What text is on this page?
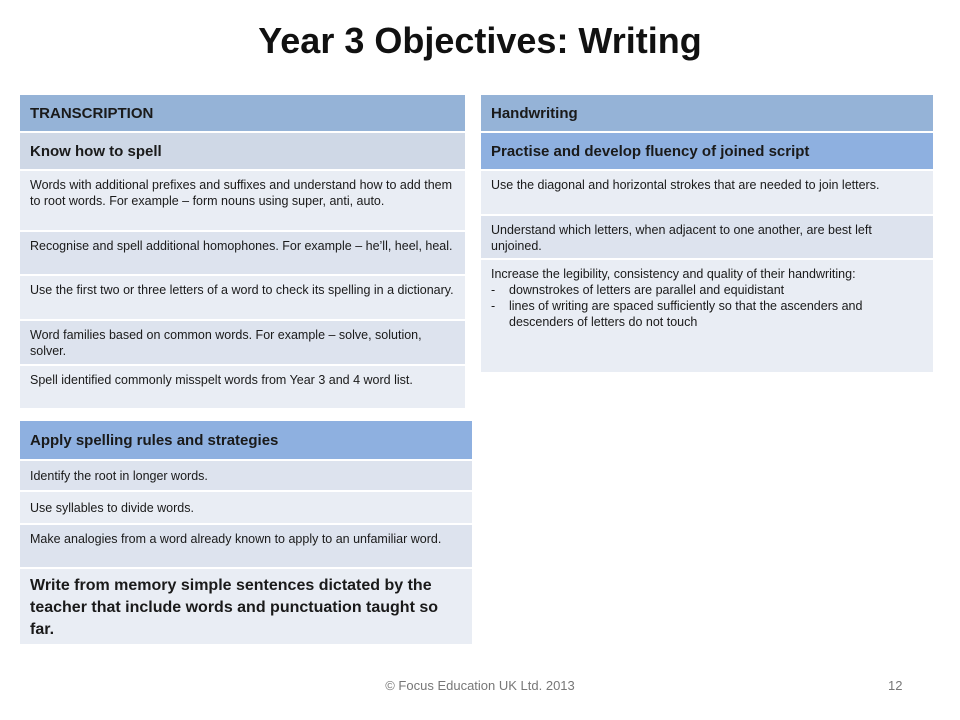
Year 3 Objectives: Writing
TRANSCRIPTION
Know how to spell
Words with additional prefixes and suffixes and understand how to add them to root words. For example – form nouns using super, anti, auto.
Recognise and spell additional homophones. For example – he’ll, heel, heal.
Use the first two or three letters of a word to check its spelling in a dictionary.
Word families based on common words. For example – solve, solution, solver.
Spell identified commonly misspelt words from Year 3 and 4 word list.
Apply spelling rules and strategies
Identify the root in longer words.
Use syllables to divide words.
Make analogies from a word already known to apply to an unfamiliar word.
Write from memory simple sentences dictated by the teacher that include words and punctuation taught so far.
Handwriting
Practise and develop fluency of joined script
Use the diagonal and horizontal strokes that are needed to join letters.
Understand which letters, when adjacent to one another, are best left unjoined.
Increase the legibility, consistency and quality of their handwriting:
- downstrokes of letters are parallel and equidistant
- lines of writing are spaced sufficiently so that the ascenders and descenders of letters do not touch
© Focus Education UK Ltd. 2013	12
